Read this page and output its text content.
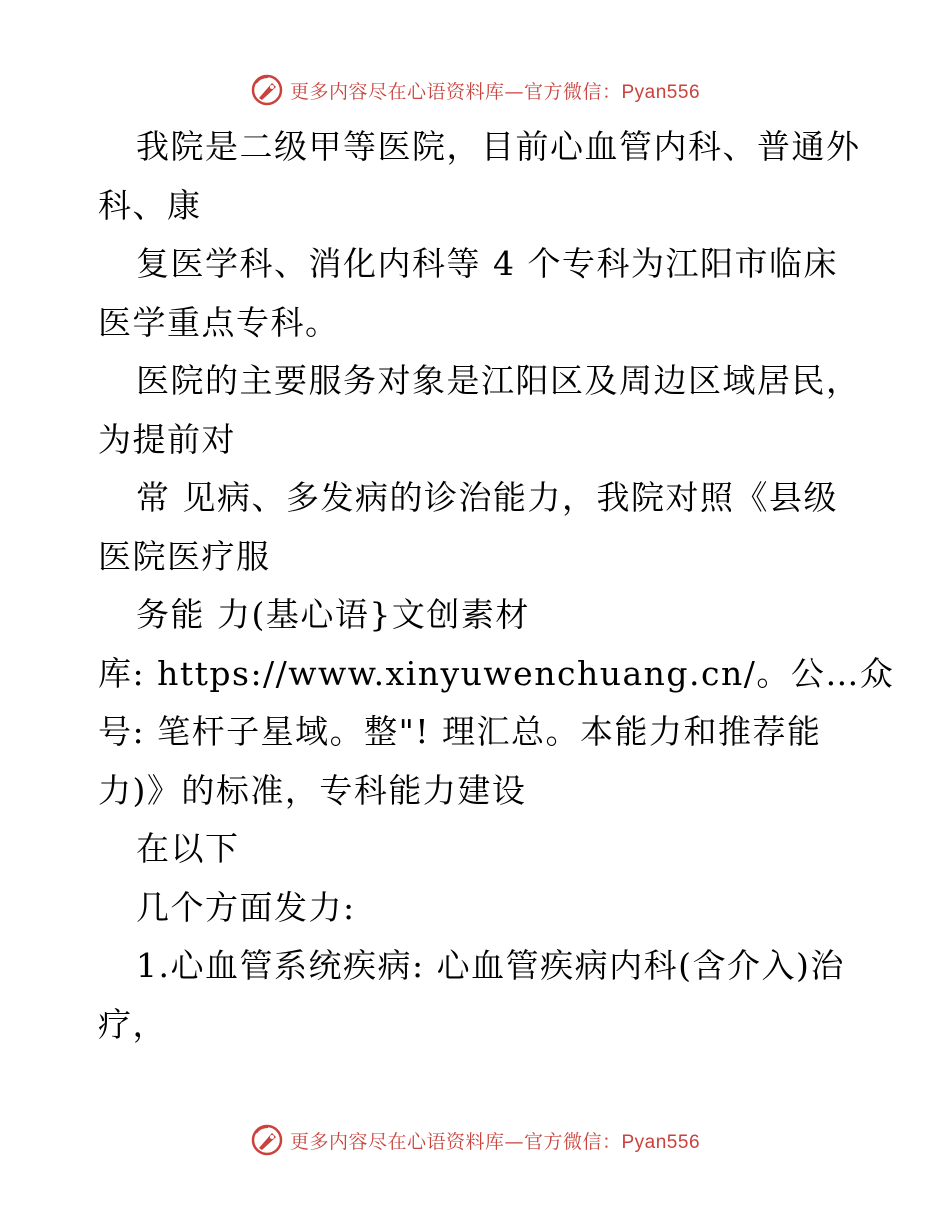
更多内容尽在心语资料库—官方微信：Pyan556
我院是二级甲等医院，目前心血管内科、普通外
科、康
复医学科、消化内科等 4 个专科为江阳市临床
医学重点专科。
医院的主要服务对象是江阳区及周边区域居民，
为提前对
常 见病、多发病的诊治能力，我院对照《县级
医院医疗服
务能 力(基心语}文创素材
库: https://www.xinyuwenchuang.cn/。公…众
号: 笔杆子星域。整"! 理汇总。本能力和推荐能
力)》的标准，专科能力建设
在以下
几个方面发力:
1.心血管系统疾病: 心血管疾病内科(含介入)治
疗，
更多内容尽在心语资料库—官方微信：Pyan556
